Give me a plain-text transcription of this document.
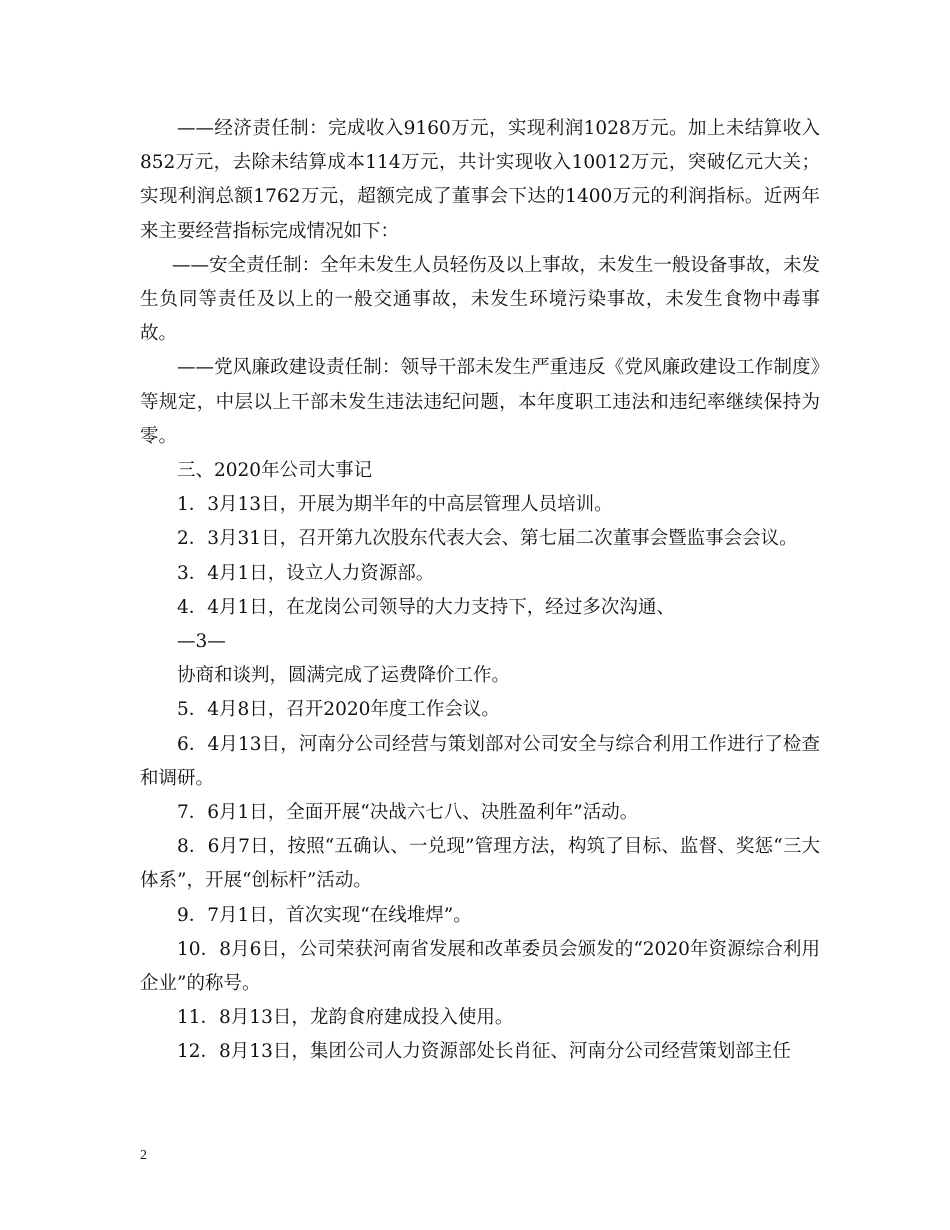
——经济责任制：完成收入9160万元，实现利润1028万元。加上未结算收入852万元，去除未结算成本114万元，共计实现收入10012万元，突破亿元大关；实现利润总额1762万元，超额完成了董事会下达的1400万元的利润指标。近两年来主要经营指标完成情况如下：

——安全责任制：全年未发生人员轻伤及以上事故，未发生一般设备事故，未发生负同等责任及以上的一般交通事故，未发生环境污染事故，未发生食物中毒事故。

——党风廉政建设责任制：领导干部未发生严重违反《党风廉政建设工作制度》等规定，中层以上干部未发生违法违纪问题，本年度职工违法和违纪率继续保持为零。

三、2020年公司大事记

1．3月13日，开展为期半年的中高层管理人员培训。

2．3月31日，召开第九次股东代表大会、第七届二次董事会暨监事会会议。

3．4月1日，设立人力资源部。

4．4月1日，在龙岗公司领导的大力支持下，经过多次沟通、

—3—

协商和谈判，圆满完成了运费降价工作。

5．4月8日，召开2020年度工作会议。

6．4月13日，河南分公司经营与策划部对公司安全与综合利用工作进行了检查和调研。

7．6月1日，全面开展“决战六七八、决胜盈利年”活动。

8．6月7日，按照“五确认、一兑现”管理方法，构筑了目标、监督、奖惩“三大体系”，开展“创标杆”活动。

9．7月1日，首次实现“在线堆焊”。

10．8月6日，公司荣获河南省发展和改革委员会颁发的“2020年资源综合利用企业”的称号。

11．8月13日，龙韵食府建成投入使用。

12．8月13日，集团公司人力资源部处长肖征、河南分公司经营策划部主任

2
